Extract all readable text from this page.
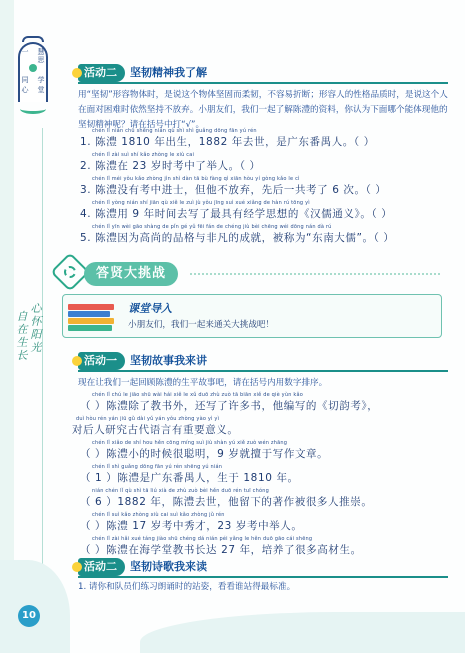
一
同
心
慧
思
学
堂
心
怀
阳
光
自
在
生
长
活动二	坚韧精神我了解
用“坚韧”形容物体时，是说这个物体坚固而柔韧，不容易折断；形容人的性格品质时，是说这个人在面对困难时依然坚持不放弃。小朋友们，我们一起了解陈澧的资料，你认为下面哪个能体现他的坚韧精神呢？请在括号中打“√”。
chén lǐ nián chū shēng nián qù shì shì guǎng dōng fān yú rén
1. 陈澧 1810 年出生，1882 年去世，是广东番禺人。（ ）
chén lǐ zài suì shí kǎo zhòng le xiù cai
2. 陈澧在 23 岁时考中了举人。（ ）
chén lǐ méi yǒu kǎo zhòng jìn shì dàn tā bù fàng qì xiān hòu yí gòng kǎo le cì
3. 陈澧没有考中进士，但他不放弃，先后一共考了 6 次。（ ）
chén lǐ yòng nián shí jiān qù xiě le zuì jù yǒu jīng suì xué xiǎng de hàn rú tōng yì
4. 陈澧用 9 年时间去写了最具有经学思想的《汉儒通义》。（ ）
chén lǐ yīn wèi gāo shàng de pǐn gé yǔ fēi fán de chéng jiù bèi chēng wéi dōng nán dà rú
5. 陈澧因为高尚的品格与非凡的成就，被称为“东南大儒”。（ ）
答贤大挑战
课堂导入
小朋友们，我们一起来通关大挑战吧！
活动一	坚韧故事我来讲
现在让我们一起回顾陈澧的生平故事吧，请在括号内用数字排序。
chén lǐ chú le jiāo shū wài hái xiě le xǔ duō zhù zuò tā biān xiě de qiè yùn kǎo
（ ）陈澧除了教书外，还写了许多书，他编写的《切韵考》，
duì hòu rén yán jiū gǔ dài yǔ yán yǒu zhòng yào yì yì
对后人研究古代语言有重要意义。
chén lǐ xiǎo de shí hou hěn cōng míng suì jiù shàn yú xiě zuò wén zhāng
（ ）陈澧小的时候很聪明，9 岁就擅于写作文章。
chén lǐ shì guǎng dōng fān yú rén shēng yú nián
（ 1 ）陈澧是广东番禺人，生于 1810 年。
nián chén lǐ qù shì tā liú xià de zhù zuò bèi hěn duō rén tuī chóng
（ 6 ）1882 年，陈澧去世，他留下的著作被很多人推崇。
chén lǐ suì kǎo zhòng xiù cai suì kǎo zhòng jǔ rén
（ ）陈澧 17 岁考中秀才，23 岁考中举人。
chén lǐ zài hǎi xué táng jiào shū chéng dá nián péi yǎng le hěn duō gāo cái shēng
（ ）陈澧在海学堂教书长达 27 年，培养了很多高材生。
活动二	坚韧诗歌我来读
1. 请你和队员们练习朗诵时的站姿，看看谁站得最标准。
10
